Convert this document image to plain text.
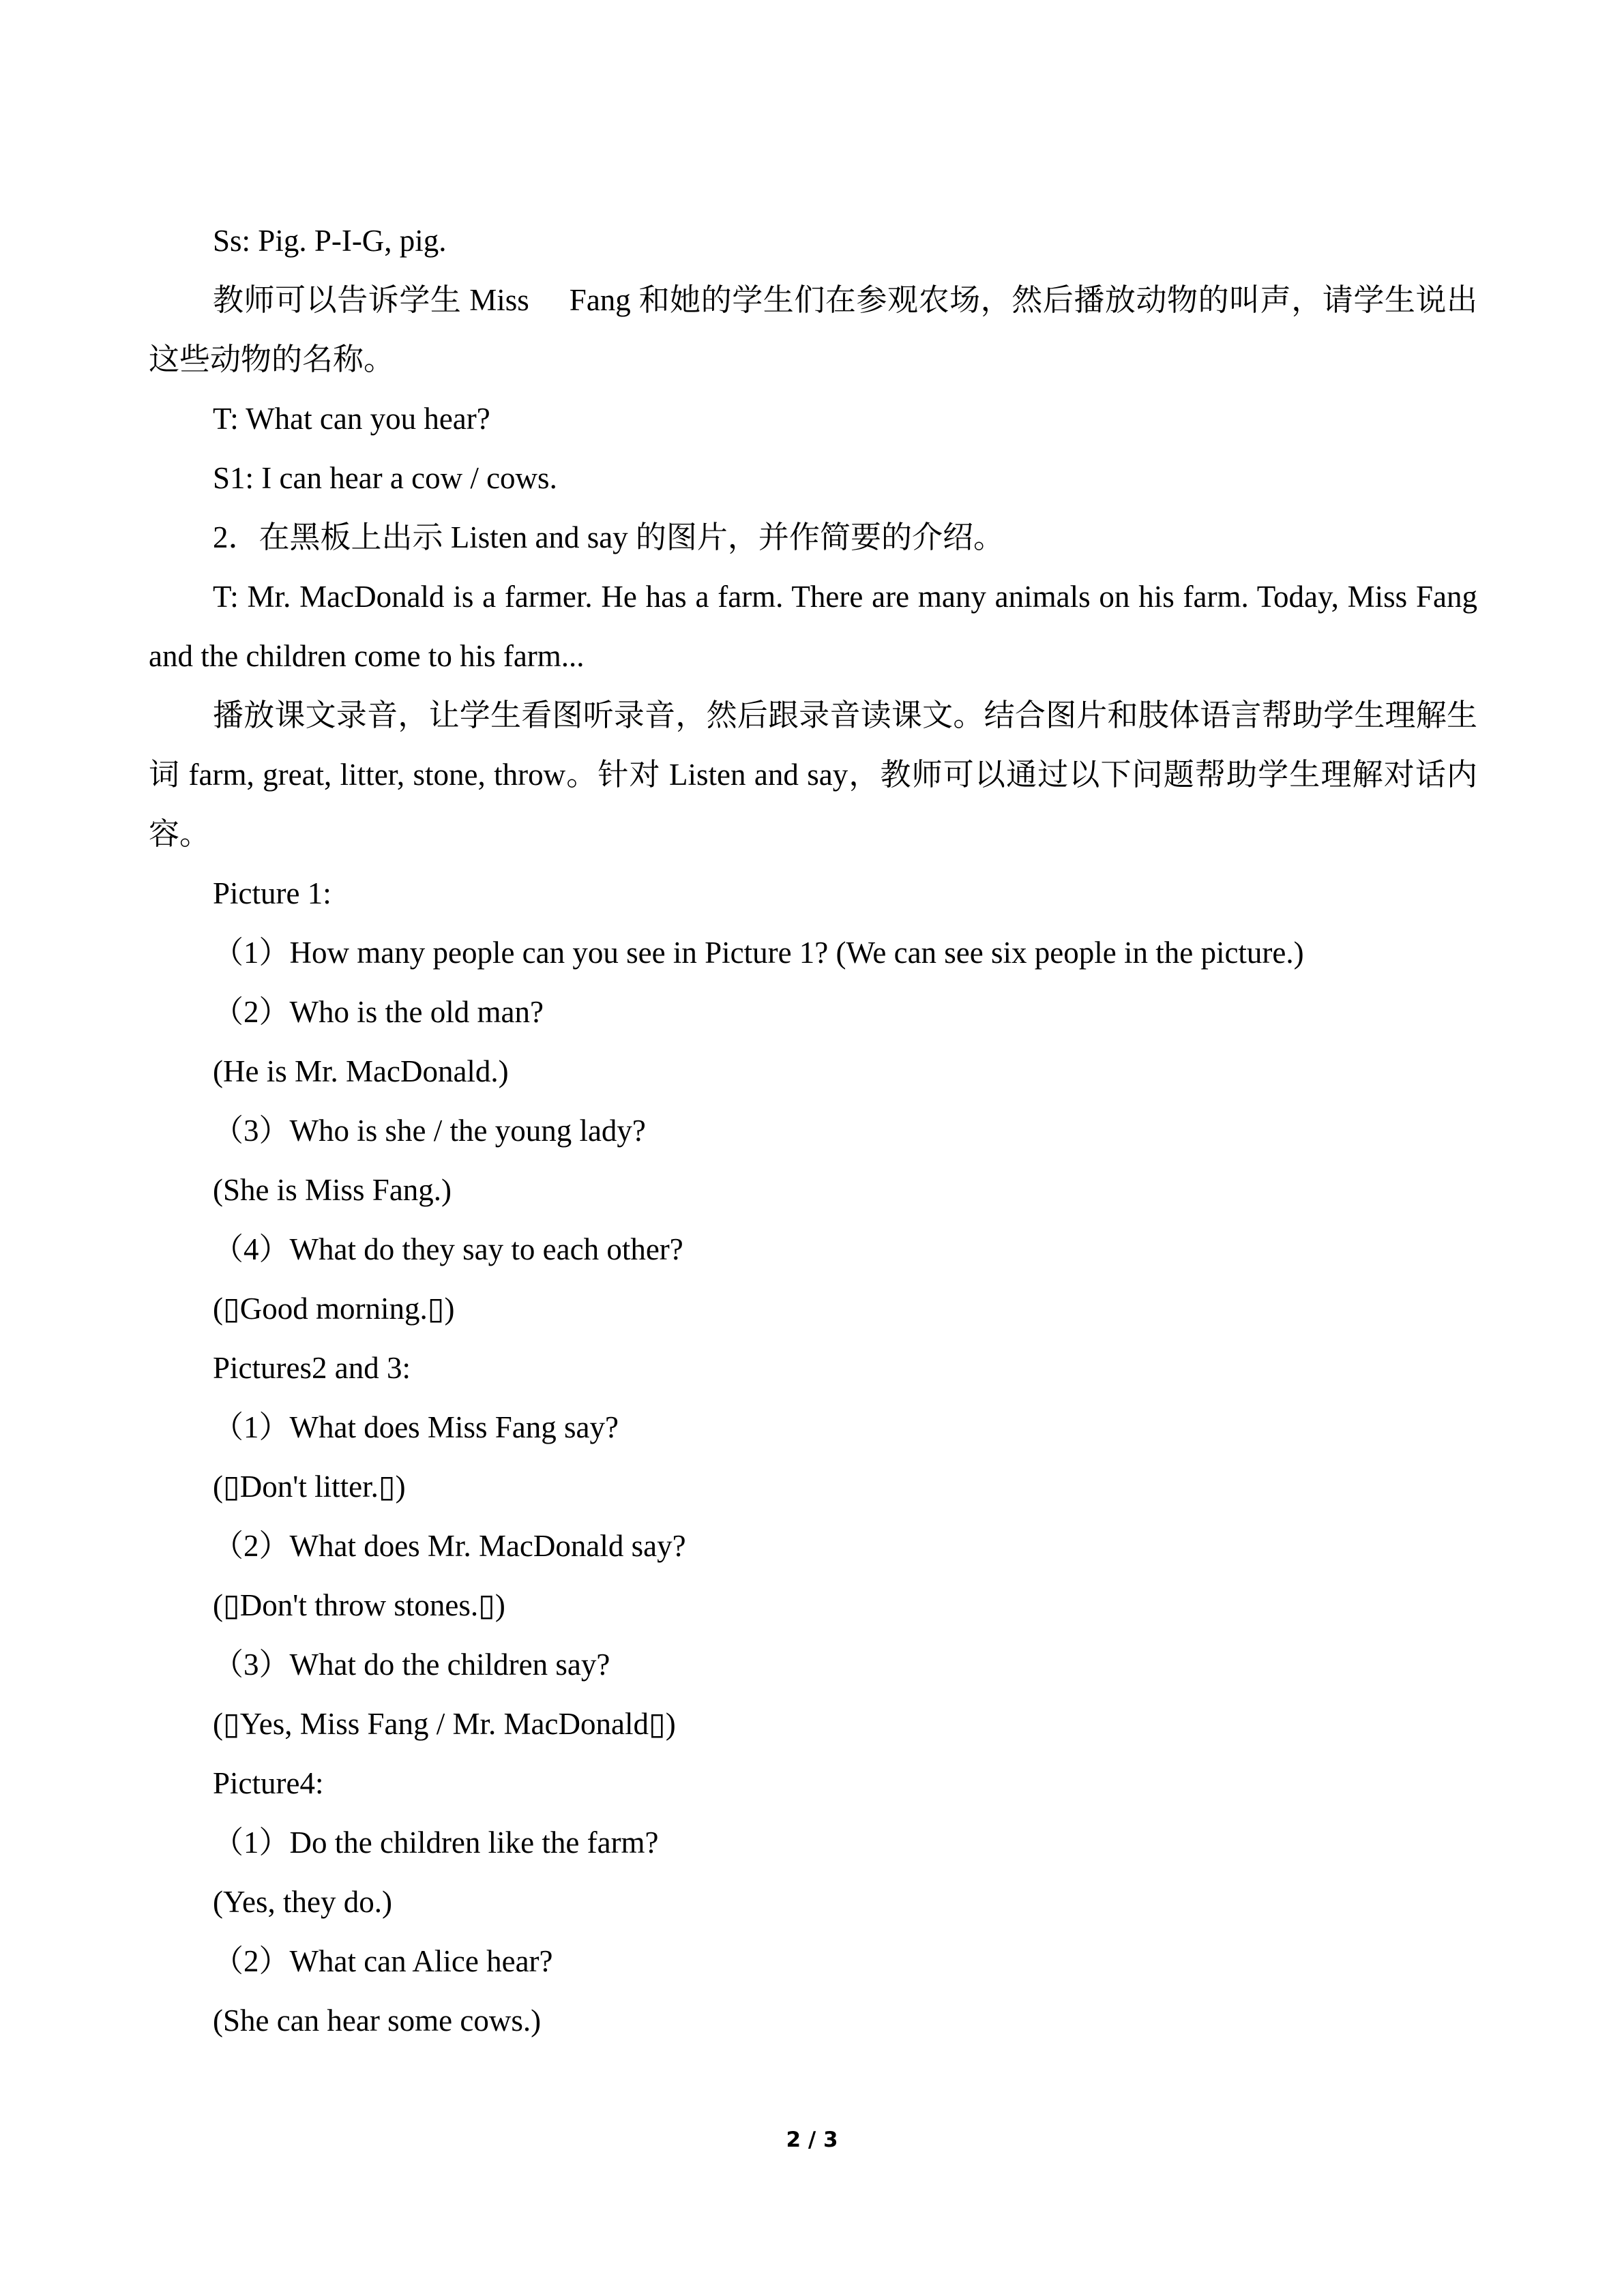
Ss: Pig. P-I-G, pig.
教师可以告诉学生 Miss     Fang 和她的学生们在参观农场，然后播放动物的叫声，请学生说出这些动物的名称。
T: What can you hear?
S1: I can hear a cow / cows.
2．在黑板上出示 Listen and say 的图片，并作简要的介绍。
T: Mr. MacDonald is a farmer. He has a farm. There are many animals on his farm. Today, Miss Fang and the children come to his farm...
播放课文录音，让学生看图听录音，然后跟录音读课文。结合图片和肢体语言帮助学生理解生词 farm, great, litter, stone, throw。针对 Listen and say，教师可以通过以下问题帮助学生理解对话内容。
Picture 1:
（1）How many people can you see in Picture 1? (We can see six people in the picture.)
（2）Who is the old man?
(He is Mr. MacDonald.)
（3）Who is she / the young lady?
(She is Miss Fang.)
（4）What do they say to each other?
(▯Good morning.▯)
Pictures2 and 3:
（1）What does Miss Fang say?
(▯Don't litter.▯)
（2）What does Mr. MacDonald say?
(▯Don't throw stones.▯)
（3）What do the children say?
(▯Yes, Miss Fang / Mr. MacDonald▯)
Picture4:
（1）Do the children like the farm?
(Yes, they do.)
（2）What can Alice hear?
(She can hear some cows.)
2 / 3
